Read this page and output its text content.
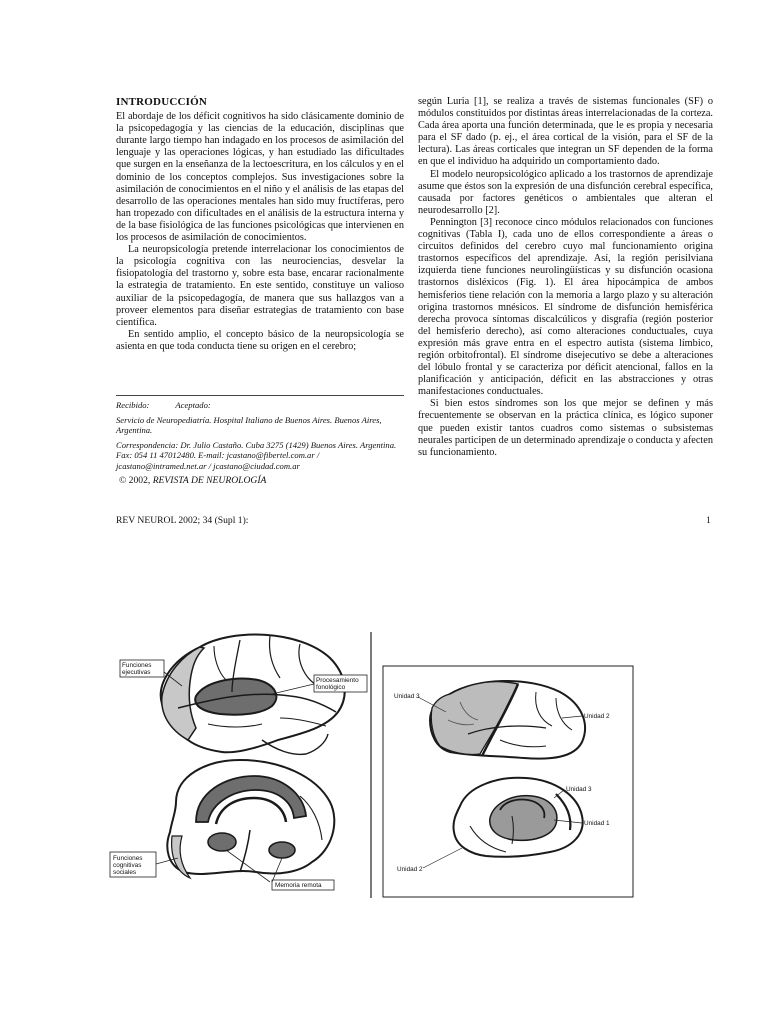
INTRODUCCIÓN

El abordaje de los déficit cognitivos ha sido clásicamente dominio de la psicopedagogía y las ciencias de la educación, disciplinas que durante largo tiempo han indagado en los procesos de asimilación del lenguaje y las operaciones lógicas, y han estudiado las dificultades que surgen en la enseñanza de la lectoescritura, en los cálculos y en el dominio de los conceptos complejos. Sus investigaciones sobre la asimilación de conocimientos en el niño y el análisis de las etapas del desarrollo de las operaciones mentales han sido muy fructíferas, pero han tropezado con dificultades en el análisis de la estructura interna y de la base fisiológica de las funciones psicológicas que intervienen en los procesos de asimilación de conocimientos.

La neuropsicología pretende interrelacionar los conocimientos de la psicología cognitiva con las neurociencias, desvelar la fisiopatología del trastorno y, sobre esta base, encarar racionalmente la estrategia de tratamiento. En este sentido, constituye un valioso auxiliar de la psicopedagogía, de manera que sus hallazgos van a proveer elementos para diseñar estrategias de tratamiento con base científica.

En sentido amplio, el concepto básico de la neuropsicología se asienta en que toda conducta tiene su origen en el cerebro;

Recibido:	Aceptado:
Servicio de Neuropediatría. Hospital Italiano de Buenos Aires. Buenos Aires, Argentina.
Correspondencia: Dr. Julio Castaño. Cuba 3275 (1429) Buenos Aires. Argentina. Fax: 054 11 47012480. E-mail: jcastano@fibertel.com.ar / jcastano@intramed.net.ar / jcastano@ciudad.com.ar
© 2002, REVISTA DE NEUROLOGÍA

según Luria [1], se realiza a través de sistemas funcionales (SF) o módulos constituidos por distintas áreas interrelacionadas de la corteza. Cada área aporta una función determinada, que le es propia y necesaria para el SF dado (p. ej., el área cortical de la visión, para el SF de la lectura). Las áreas corticales que integran un SF dependen de la forma en que el individuo ha adquirido un comportamiento dado.

El modelo neuropsicológico aplicado a los trastornos de aprendizaje asume que éstos son la expresión de una disfunción cerebral específica, causada por factores genéticos o ambientales que alteran el neurodesarrollo [2].

Pennington [3] reconoce cinco módulos relacionados con funciones cognitivas (Tabla I), cada uno de ellos correspondiente a áreas o circuitos definidos del cerebro cuyo mal funcionamiento origina trastornos específicos del aprendizaje. Así, la región perisilviana izquierda tiene funciones neurolingüísticas y su disfunción ocasiona trastornos disléxicos (Fig. 1). El área hipocámpica de ambos hemisferios tiene relación con la memoria a largo plazo y su alteración origina trastornos mnésicos. El síndrome de disfunción hemisférica derecha provoca síntomas discalcúlicos y disgrafía (región posterior del hemisferio derecho), así como alteraciones conductuales, cuya expresión más grave entra en el espectro autista (sistema límbico, región orbitofrontal). El síndrome disejecutivo se debe a alteraciones del lóbulo frontal y se caracteriza por déficit atencional, fallos en la planificación y anticipación, déficit en las abstracciones y otras manifestaciones conductuales.

Si bien estos síndromes son los que mejor se definen y más frecuentemente se observan en la práctica clínica, es lógico suponer que pueden existir tantos cuadros como sistemas o subsistemas neurales participen de un determinado aprendizaje o conducta y afecten su funcionamiento.

REV NEUROL 2002; 34 (Supl 1):	1
Funciones
ejecutivas
Procesamiento
fonológico
Funciones
cognitivas
sociales
Memoria remota
Unidad 3
Unidad 2
Unidad 3
Unidad 1
Unidad 2
